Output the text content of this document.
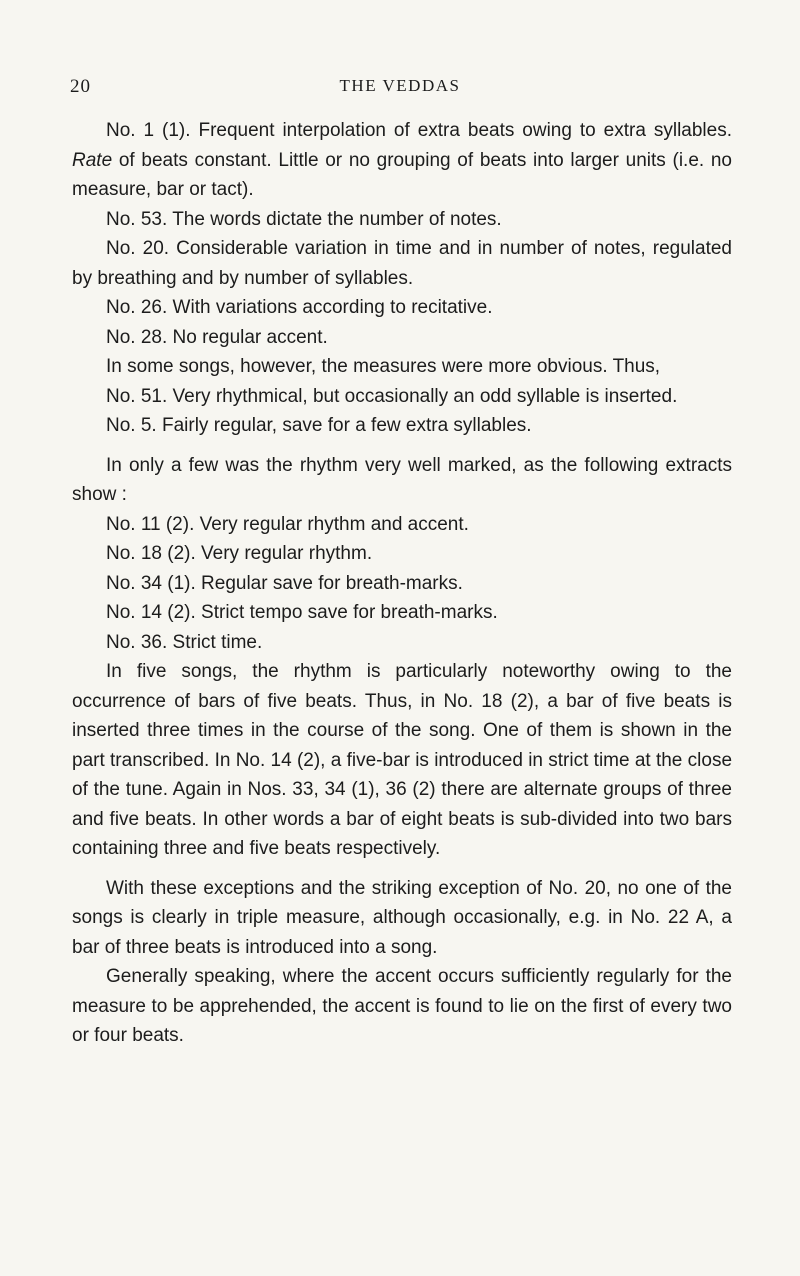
20	THE VEDDAS

No. 1 (1). Frequent interpolation of extra beats owing to extra syllables. Rate of beats constant. Little or no grouping of beats into larger units (i.e. no measure, bar or tact).

No. 53. The words dictate the number of notes.

No. 20. Considerable variation in time and in number of notes, regulated by breathing and by number of syllables.

No. 26. With variations according to recitative.

No. 28. No regular accent.

In some songs, however, the measures were more obvious. Thus,

No. 51. Very rhythmical, but occasionally an odd syllable is inserted.

No. 5. Fairly regular, save for a few extra syllables.

In only a few was the rhythm very well marked, as the following extracts show :

No. 11 (2). Very regular rhythm and accent.

No. 18 (2). Very regular rhythm.

No. 34 (1). Regular save for breath-marks.

No. 14 (2). Strict tempo save for breath-marks.

No. 36. Strict time.

In five songs, the rhythm is particularly noteworthy owing to the occurrence of bars of five beats. Thus, in No. 18 (2), a bar of five beats is inserted three times in the course of the song. One of them is shown in the part transcribed. In No. 14 (2), a five-bar is introduced in strict time at the close of the tune. Again in Nos. 33, 34 (1), 36 (2) there are alternate groups of three and five beats. In other words a bar of eight beats is sub-divided into two bars containing three and five beats respectively.

With these exceptions and the striking exception of No. 20, no one of the songs is clearly in triple measure, although occasionally, e.g. in No. 22 A, a bar of three beats is introduced into a song.

Generally speaking, where the accent occurs sufficiently regularly for the measure to be apprehended, the accent is found to lie on the first of every two or four beats.
